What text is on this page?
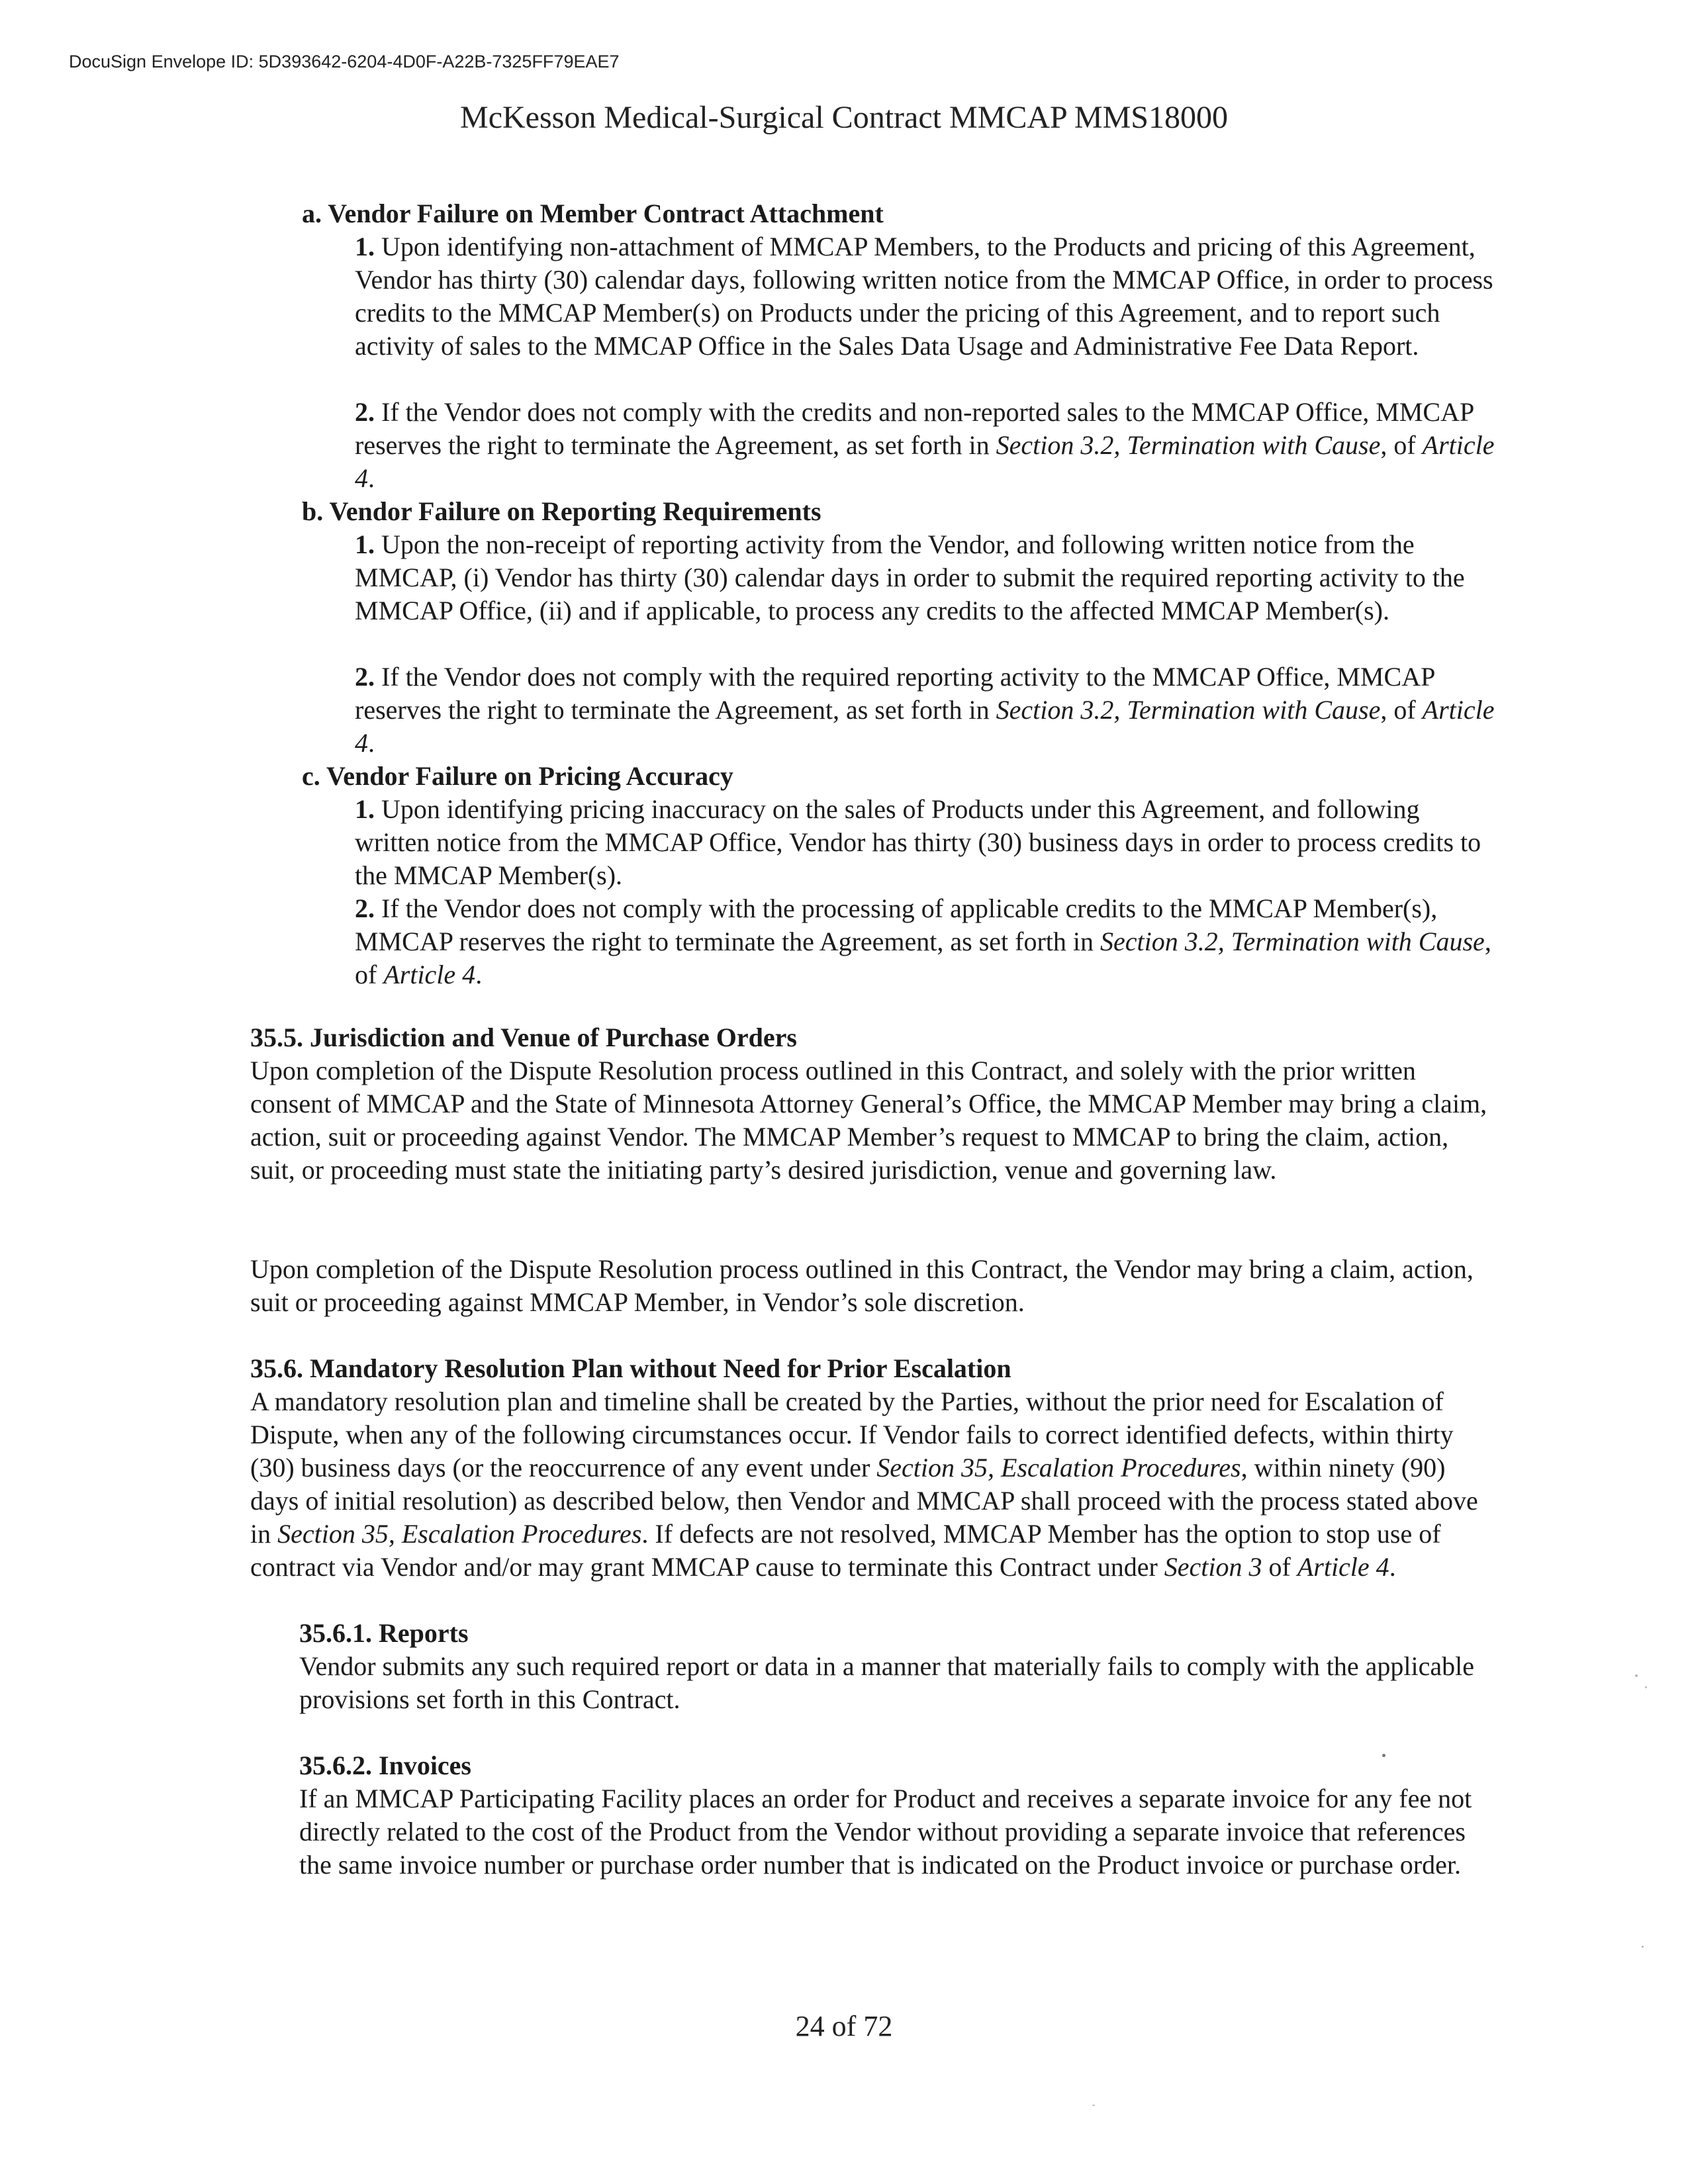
DocuSign Envelope ID: 5D393642-6204-4D0F-A22B-7325FF79EAE7
McKesson Medical-Surgical Contract MMCAP MMS18000
a. Vendor Failure on Member Contract Attachment
1. Upon identifying non-attachment of MMCAP Members, to the Products and pricing of this Agreement, Vendor has thirty (30) calendar days, following written notice from the MMCAP Office, in order to process credits to the MMCAP Member(s) on Products under the pricing of this Agreement, and to report such activity of sales to the MMCAP Office in the Sales Data Usage and Administrative Fee Data Report.
2. If the Vendor does not comply with the credits and non-reported sales to the MMCAP Office, MMCAP reserves the right to terminate the Agreement, as set forth in Section 3.2, Termination with Cause, of Article 4.
b. Vendor Failure on Reporting Requirements
1. Upon the non-receipt of reporting activity from the Vendor, and following written notice from the MMCAP, (i) Vendor has thirty (30) calendar days in order to submit the required reporting activity to the MMCAP Office, (ii) and if applicable, to process any credits to the affected MMCAP Member(s).
2. If the Vendor does not comply with the required reporting activity to the MMCAP Office, MMCAP reserves the right to terminate the Agreement, as set forth in Section 3.2, Termination with Cause, of Article 4.
c. Vendor Failure on Pricing Accuracy
1. Upon identifying pricing inaccuracy on the sales of Products under this Agreement, and following written notice from the MMCAP Office, Vendor has thirty (30) business days in order to process credits to the MMCAP Member(s).
2. If the Vendor does not comply with the processing of applicable credits to the MMCAP Member(s), MMCAP reserves the right to terminate the Agreement, as set forth in Section 3.2, Termination with Cause, of Article 4.
35.5. Jurisdiction and Venue of Purchase Orders
Upon completion of the Dispute Resolution process outlined in this Contract, and solely with the prior written consent of MMCAP and the State of Minnesota Attorney General’s Office, the MMCAP Member may bring a claim, action, suit or proceeding against Vendor. The MMCAP Member’s request to MMCAP to bring the claim, action, suit, or proceeding must state the initiating party’s desired jurisdiction, venue and governing law.
Upon completion of the Dispute Resolution process outlined in this Contract, the Vendor may bring a claim, action, suit or proceeding against MMCAP Member, in Vendor’s sole discretion.
35.6. Mandatory Resolution Plan without Need for Prior Escalation
A mandatory resolution plan and timeline shall be created by the Parties, without the prior need for Escalation of Dispute, when any of the following circumstances occur. If Vendor fails to correct identified defects, within thirty (30) business days (or the reoccurrence of any event under Section 35, Escalation Procedures, within ninety (90) days of initial resolution) as described below, then Vendor and MMCAP shall proceed with the process stated above in Section 35, Escalation Procedures. If defects are not resolved, MMCAP Member has the option to stop use of contract via Vendor and/or may grant MMCAP cause to terminate this Contract under Section 3 of Article 4.
35.6.1. Reports
Vendor submits any such required report or data in a manner that materially fails to comply with the applicable provisions set forth in this Contract.
35.6.2. Invoices
If an MMCAP Participating Facility places an order for Product and receives a separate invoice for any fee not directly related to the cost of the Product from the Vendor without providing a separate invoice that references the same invoice number or purchase order number that is indicated on the Product invoice or purchase order.
24 of 72
